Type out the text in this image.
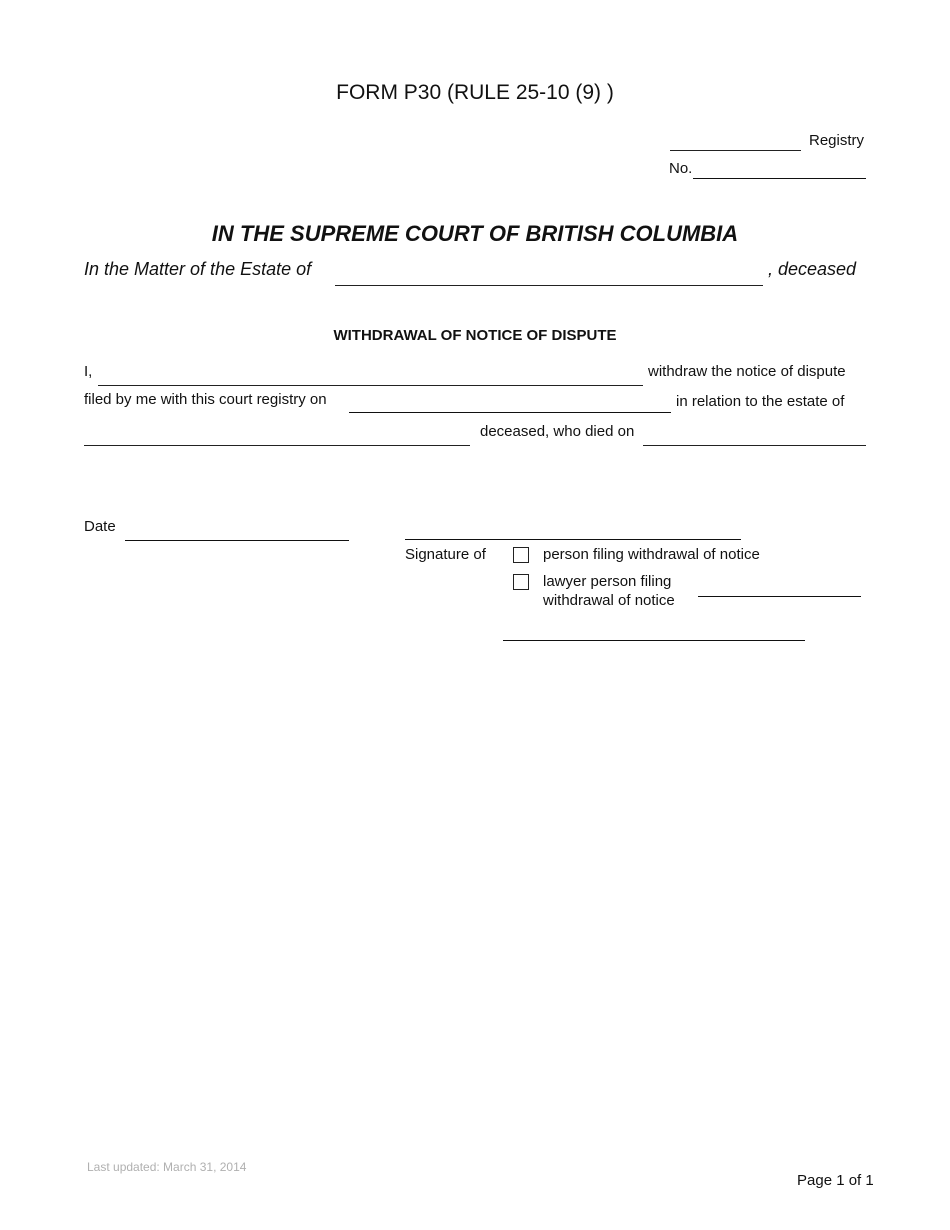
FORM P30 (RULE 25-10 (9) )
Registry
No.
IN THE SUPREME COURT OF BRITISH COLUMBIA
In the Matter of the Estate of	, deceased
WITHDRAWAL OF NOTICE OF DISPUTE
I,	withdraw the notice of dispute
filed by me with this court registry on	in relation to the estate of
deceased, who died on
Date
Signature of	person filing withdrawal of notice
lawyer person filing
withdrawal of notice
Last updated: March 31, 2014
Page 1 of 1
